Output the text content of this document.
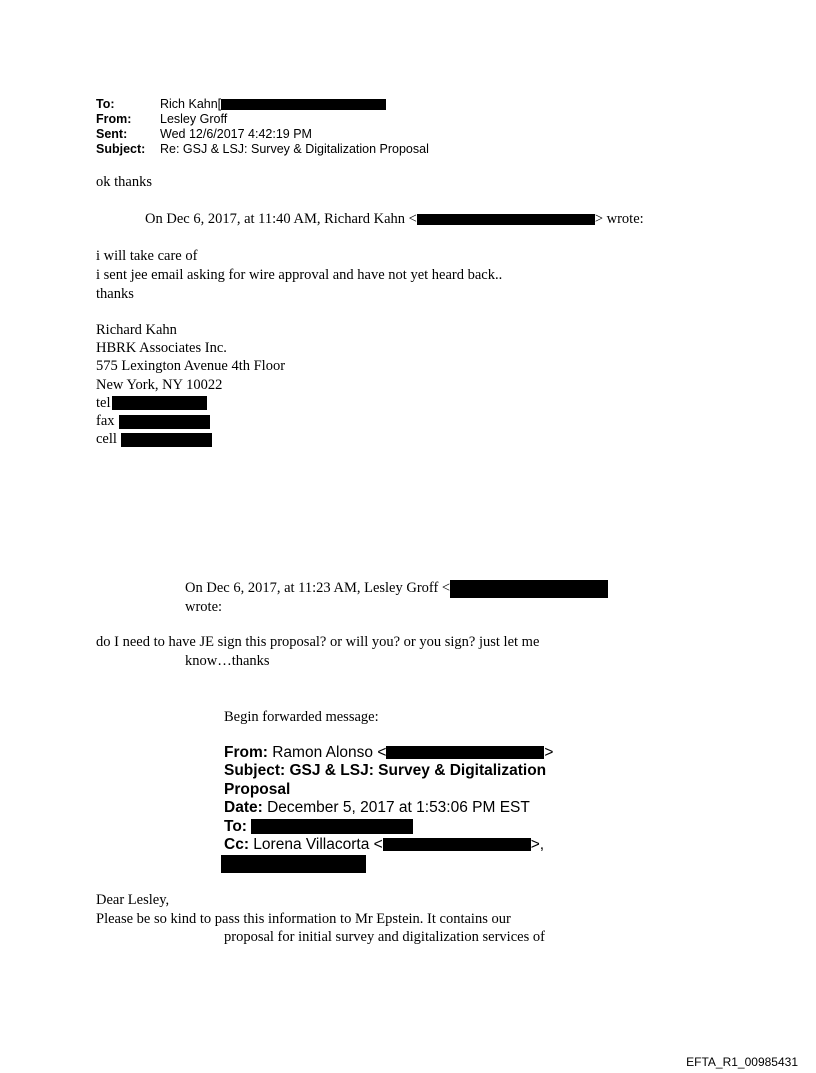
To:	Rich Kahn[
From: Lesley Groff
Sent:	Wed 12/6/2017 4:42:19 PM
Subject: Re: GSJ & LSJ: Survey & Digitalization Proposal
ok thanks
On Dec 6, 2017, at 11:40 AM, Richard Kahn <	> wrote:
i will take care of
i sent jee email asking for wire approval and have not yet heard back..
thanks
Richard Kahn
HBRK Associates Inc.
575 Lexington Avenue 4th Floor
New York, NY 10022
tel
fax
cell
On Dec 6, 2017, at 11:23 AM, Lesley Groff <
wrote:
do I need to have JE sign this proposal? or will you? or you sign? just let me
know…thanks
Begin forwarded message:
From: Ramon Alonso <	>
Subject: GSJ & LSJ: Survey & Digitalization
Proposal
Date: December 5, 2017 at 1:53:06 PM EST
To:
Cc: Lorena Villacorta <	>,
Dear Lesley,
Please be so kind to pass this information to Mr Epstein. It contains our
proposal for initial survey and digitalization services of
EFTA_R1_00985431
